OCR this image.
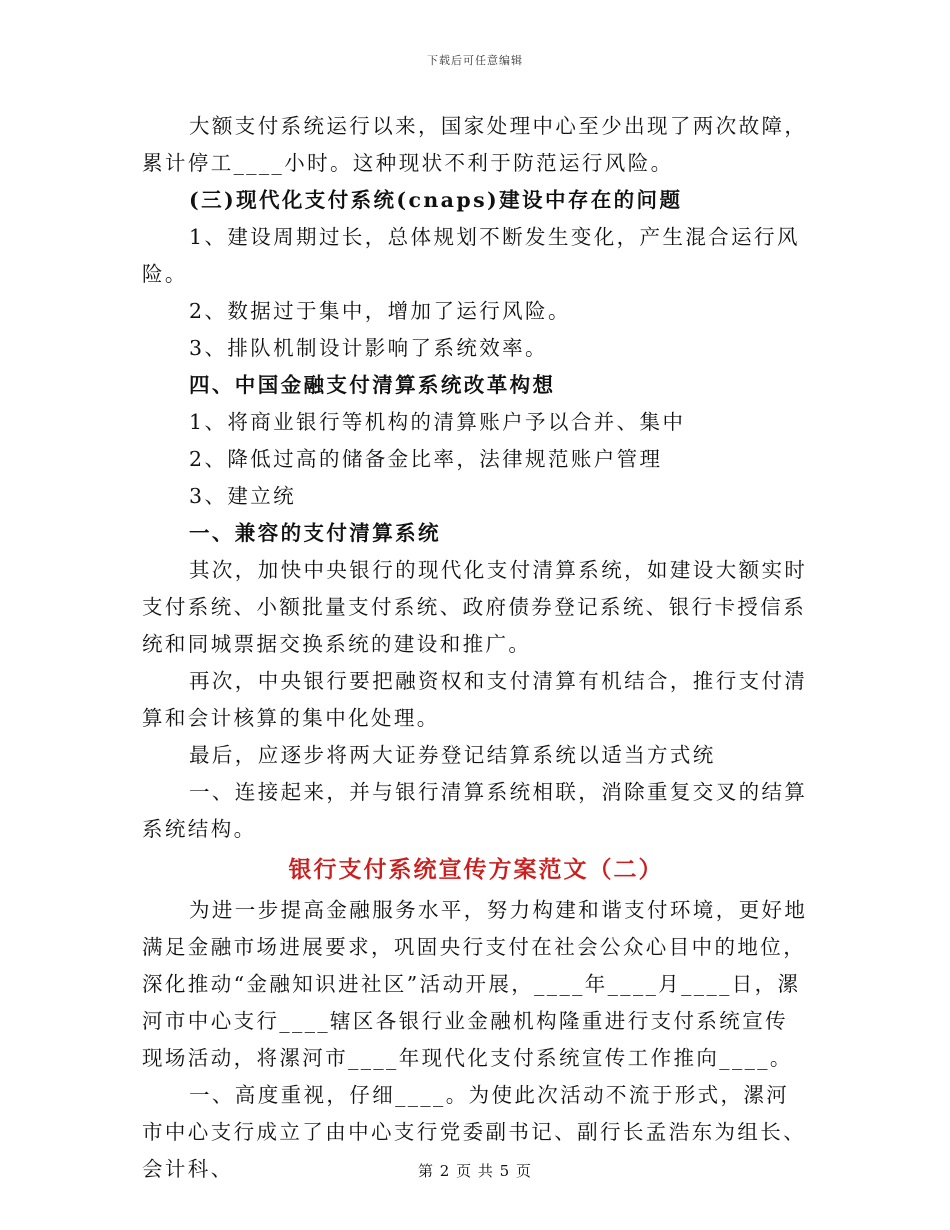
下载后可任意编辑

大额支付系统运行以来，国家处理中心至少出现了两次故障，累计停工____小时。这种现状不利于防范运行风险。

(三)现代化支付系统(cnaps)建设中存在的问题

1、建设周期过长，总体规划不断发生变化，产生混合运行风险。

2、数据过于集中，增加了运行风险。

3、排队机制设计影响了系统效率。

四、中国金融支付清算系统改革构想

1、将商业银行等机构的清算账户予以合并、集中

2、降低过高的储备金比率，法律规范账户管理

3、建立统

一、兼容的支付清算系统

其次，加快中央银行的现代化支付清算系统，如建设大额实时支付系统、小额批量支付系统、政府债券登记系统、银行卡授信系统和同城票据交换系统的建设和推广。

再次，中央银行要把融资权和支付清算有机结合，推行支付清算和会计核算的集中化处理。

最后，应逐步将两大证券登记结算系统以适当方式统

一、连接起来，并与银行清算系统相联，消除重复交叉的结算系统结构。

银行支付系统宣传方案范文（二）

为进一步提高金融服务水平，努力构建和谐支付环境，更好地满足金融市场进展要求，巩固央行支付在社会公众心目中的地位，深化推动“金融知识进社区”活动开展，____年____月____日，漯河市中心支行____辖区各银行业金融机构隆重进行支付系统宣传现场活动，将漯河市____年现代化支付系统宣传工作推向____。

一、高度重视，仔细____。为使此次活动不流于形式，漯河市中心支行成立了由中心支行党委副书记、副行长孟浩东为组长、会计科、	第 2 页 共 5 页
